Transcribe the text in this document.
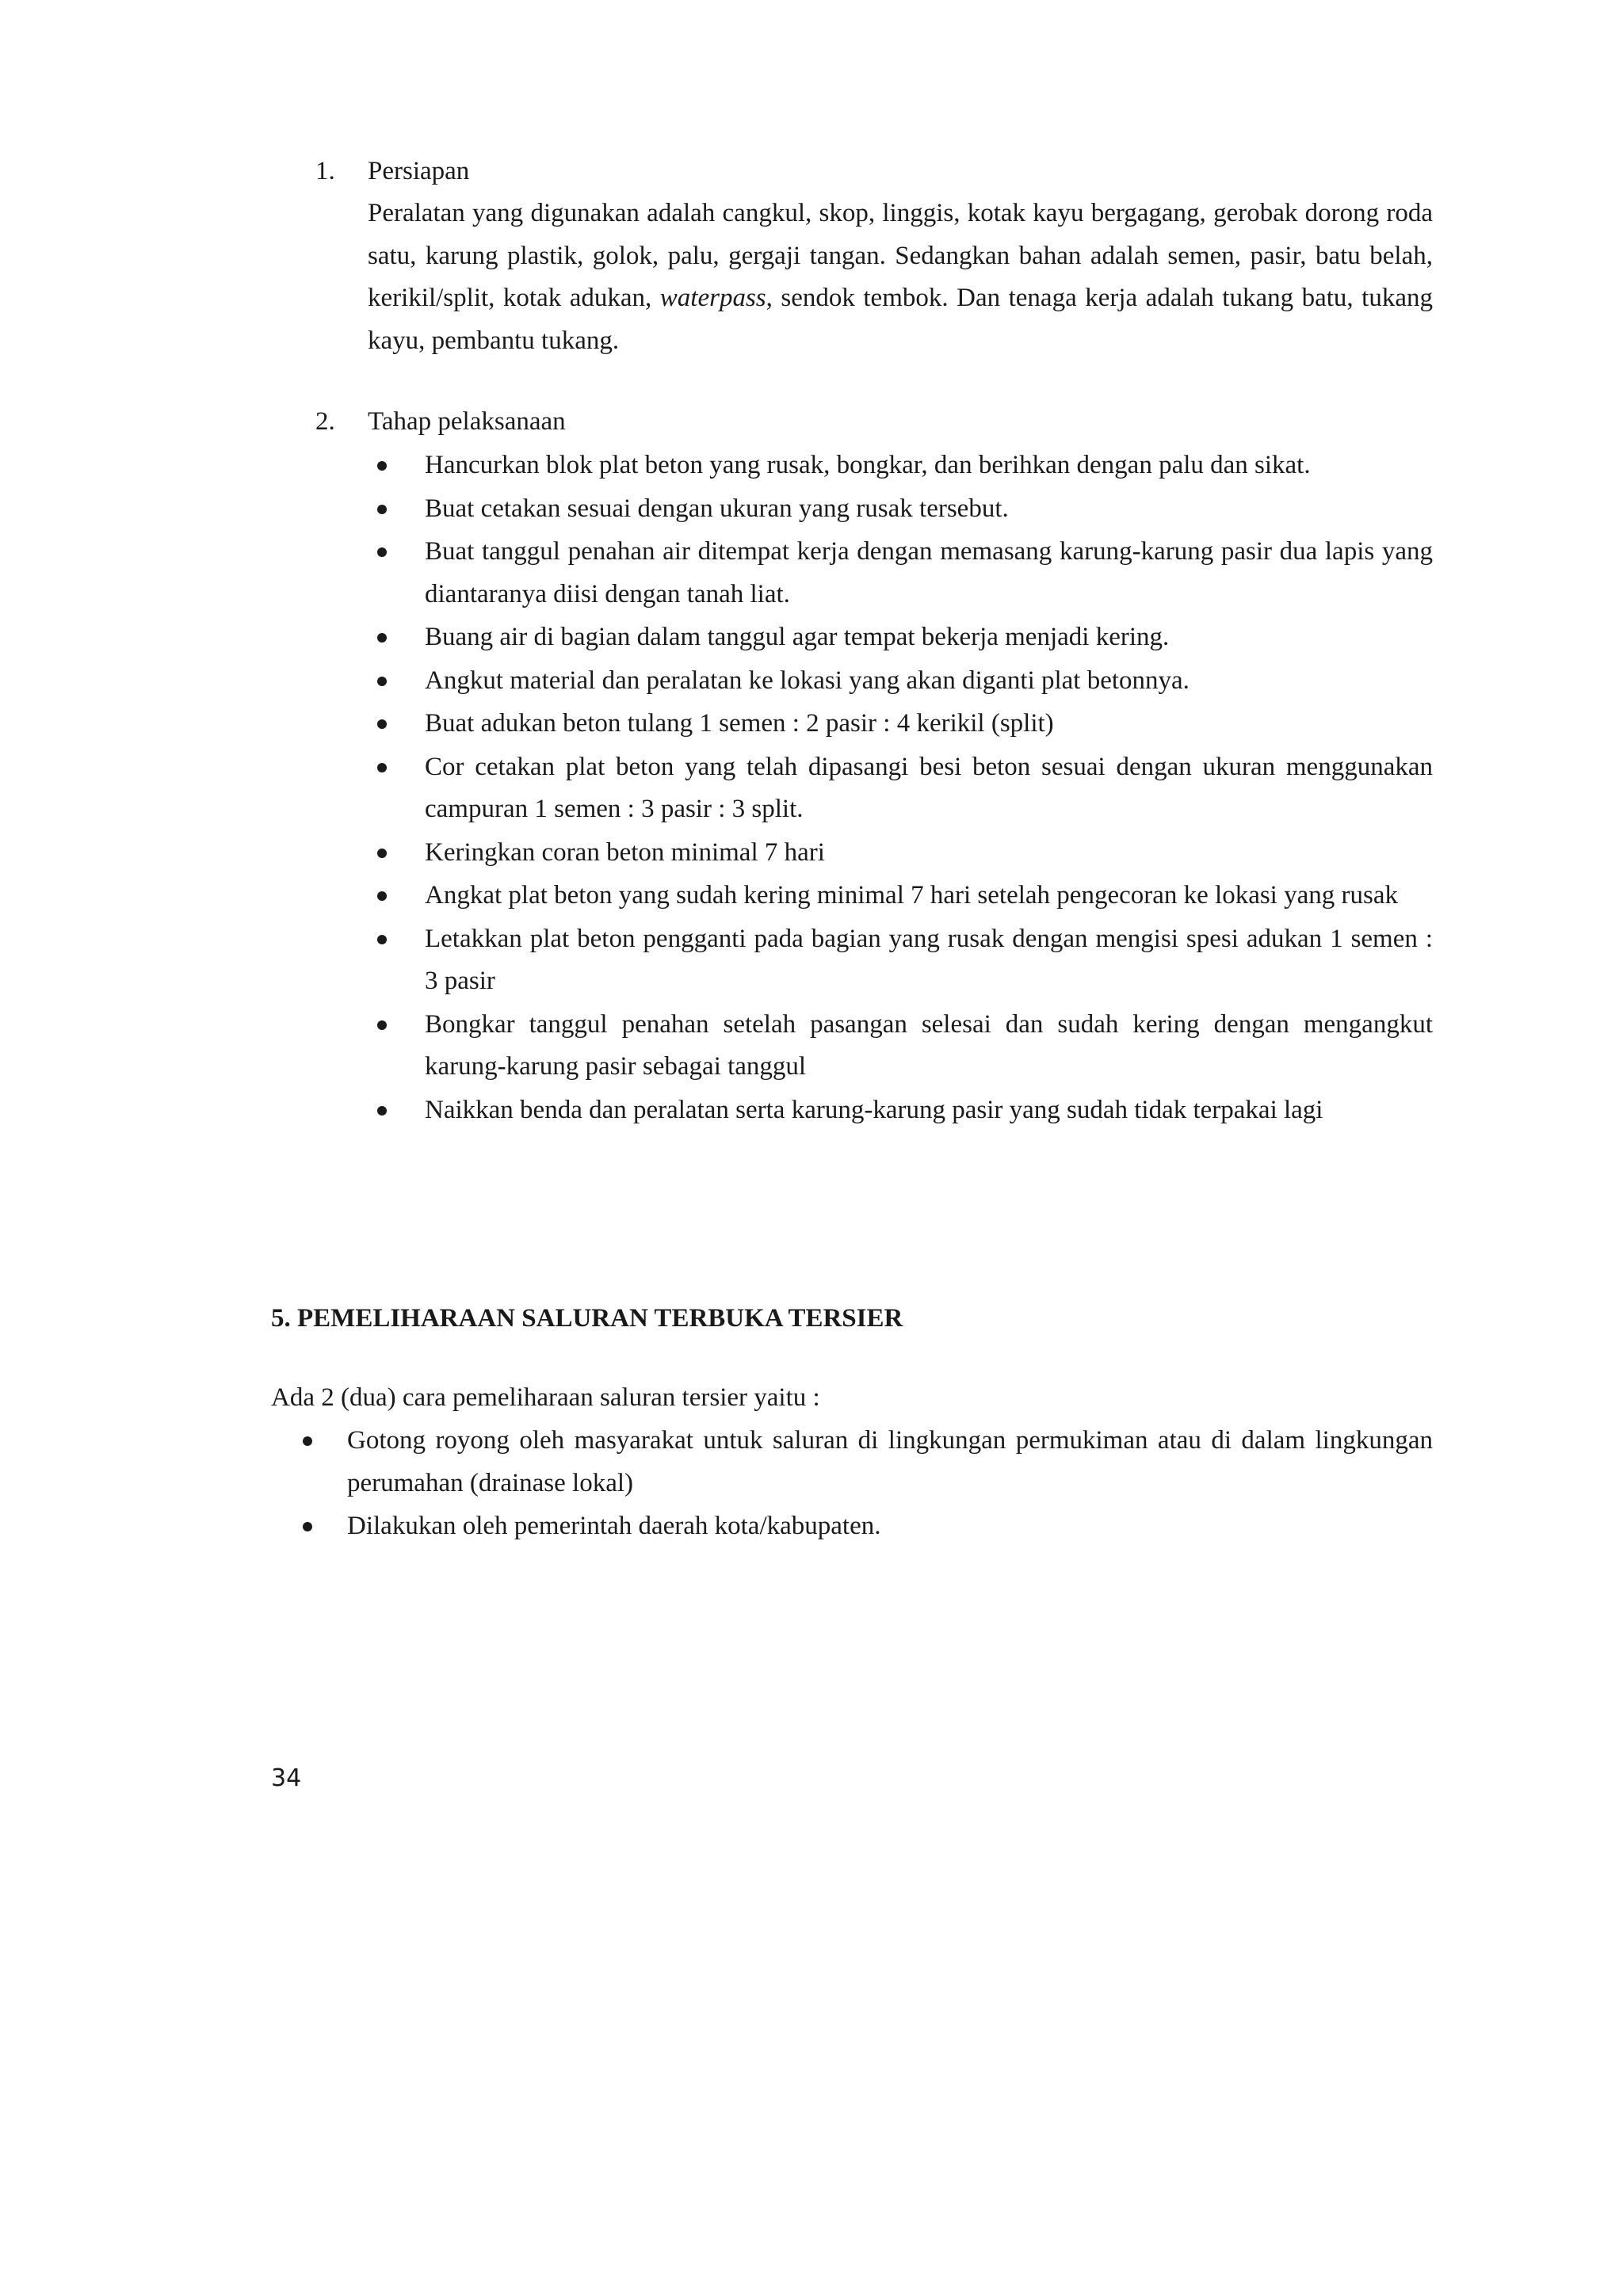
1. Persiapan

Peralatan yang digunakan adalah cangkul, skop, linggis, kotak kayu bergagang, gerobak dorong roda satu, karung plastik, golok, palu, gergaji tangan. Sedangkan bahan adalah semen, pasir, batu belah, kerikil/split, kotak adukan, waterpass, sendok tembok. Dan tenaga kerja adalah tukang batu, tukang kayu, pembantu tukang.

2. Tahap pelaksanaan
Hancurkan blok plat beton yang rusak, bongkar, dan berihkan dengan palu dan sikat.
Buat cetakan sesuai dengan ukuran yang rusak tersebut.
Buat tanggul penahan air ditempat kerja dengan memasang karung-karung pasir dua lapis yang diantaranya diisi dengan tanah liat.
Buang air di bagian dalam tanggul agar tempat bekerja menjadi kering.
Angkut material dan peralatan ke lokasi yang akan diganti plat betonnya.
Buat adukan beton tulang 1 semen : 2 pasir : 4 kerikil (split)
Cor cetakan plat beton yang telah dipasangi besi beton sesuai dengan ukuran menggunakan campuran 1 semen : 3 pasir : 3 split.
Keringkan coran beton minimal 7 hari
Angkat plat beton yang sudah kering minimal 7 hari setelah pengecoran ke lokasi yang rusak
Letakkan plat beton pengganti pada bagian yang rusak dengan mengisi spesi adukan 1 semen : 3 pasir
Bongkar tanggul penahan setelah pasangan selesai dan sudah kering dengan mengangkut karung-karung pasir sebagai tanggul
Naikkan benda dan peralatan serta karung-karung pasir yang sudah tidak terpakai lagi
5. PEMELIHARAAN SALURAN TERBUKA TERSIER

Ada 2 (dua) cara pemeliharaan saluran tersier yaitu :

Gotong royong oleh masyarakat untuk saluran di lingkungan permukiman atau di dalam lingkungan perumahan (drainase lokal)
Dilakukan oleh pemerintah daerah kota/kabupaten.
34
